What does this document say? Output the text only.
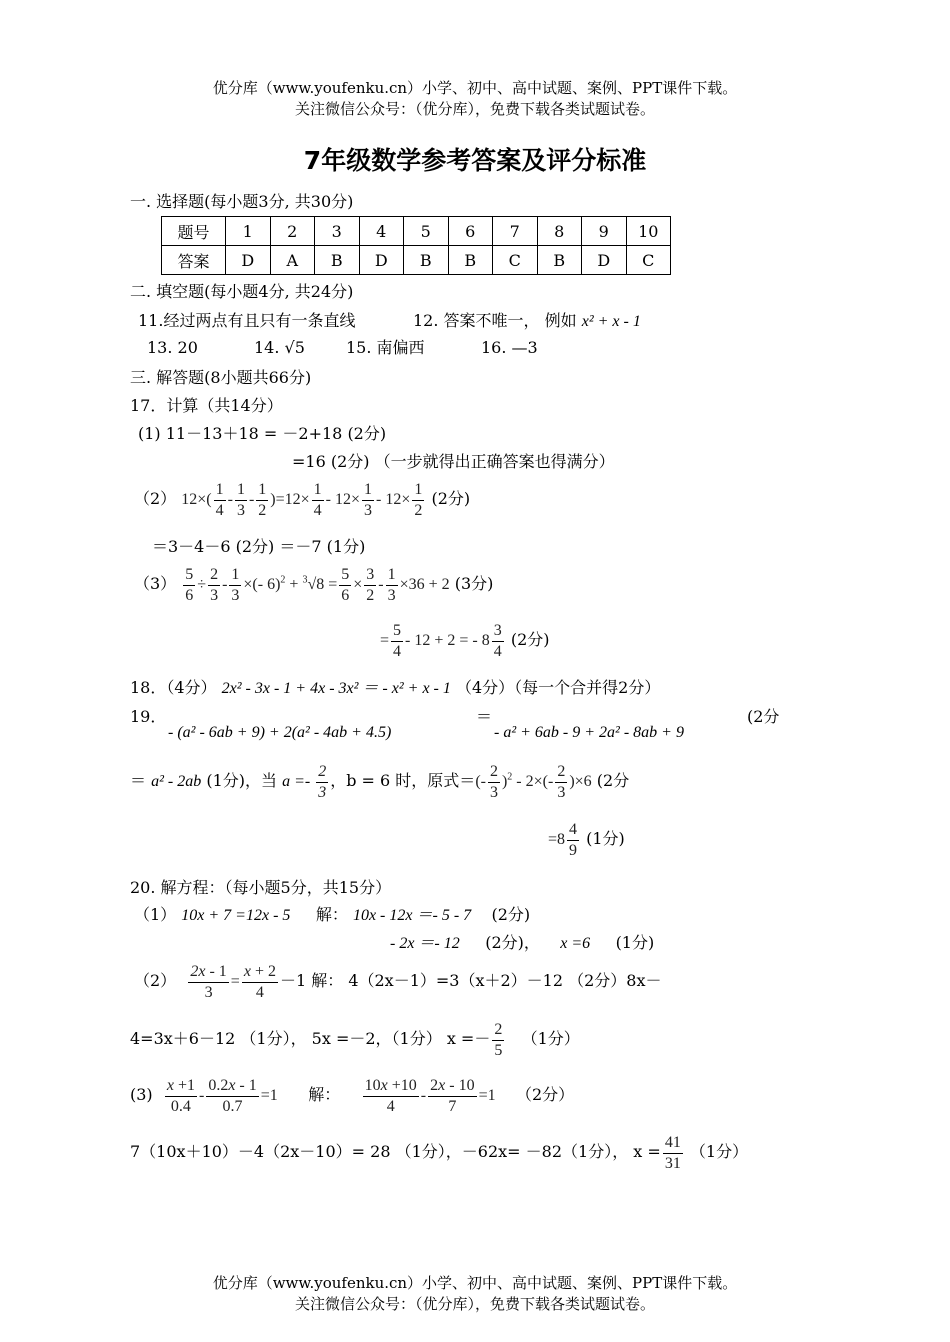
优分库（www.youfenku.cn）小学、初中、高中试题、案例、PPT课件下载。
关注微信公众号：（优分库），免费下载各类试题试卷。
7年级数学参考答案及评分标准
一. 选择题(每小题3分, 共30分)
题号	1	2	3	4	5	6	7	8	9	10
答案	D	A	B	D	B	B	C	B	D	C
二. 填空题(每小题4分, 共24分)
11.经过两点有且只有一条直线	12. 答案不唯一， 例如 x² + x - 1
13. 20	14. √5	15. 南偏西	16. —3
三. 解答题(8小题共66分)
17．计算（共14分）
(1) 11－13＋18 = －2+18 (2分)
=16 (2分) （一步就得出正确答案也得满分）
（2） $12\times( \frac{1}{4} - \frac{1}{3} - \frac{1}{2} )=12\times \frac{1}{4} - 12\times \frac{1}{3} - 12\times \frac{1}{2} (2$分)
＝3－4－6 (2分) ＝－7 (1分)
$(3) \frac{5}{6} \div \frac{2}{3} - \frac{1}{3}$ ×(- $6)^2 + ^3√8 = \frac{5}{6} \times \frac{3}{2} - \frac{1}{3} \times 36 + 2$ (3分)
= $\frac{5}{4} - 12 + 2$ = - $8 \frac{3}{4} (2$分)
18．（4分） 2x² - 3x - 1 + 4x - 3x² ＝ - x² + x - 1 （4分）（每一个合并得2分）
19．
- (a² - 6ab + 9) + 2(a² - 4ab + 4.5)
＝
- a² + 6ab - 9 + 2a² - 8ab + 9
(2分
＝ a² - 2ab (1分)，当 $a =- \frac{2}{3}$ ，b = 6 时，原式＝(- $\frac{2}{3} )^2 - 2\times(- \frac{2}{3} )\times 6$ (2分
$=8 \frac{4}{9} (1$分)
20. 解方程：（每小题5分，共15分）
（1） 10x + 7 =12x - 5 解： 10x - 12x ＝- 5 - 7 (2分)
- 2x ＝- 12 (2分)， x =6 (1分)
$(2) \frac{2x - 1}{3} = \frac{x + 2}{4} -1$ 解： 4（2x－1）=3（x＋2）－12 （2分）8x－
4=3x＋6－12 （1分）， 5x =－2，（1分） $x =- \frac{2}{5} (1$分）
$(3) \frac{x +1}{0.4} - \frac{0.2x - 1}{0.7} =1$ 解： $\frac{10x +10}{4} - \frac{2x - 10}{7} =1$ （2分）
7（10x＋10）－4（2x－10）= 28 （1分），－62x= －82（1分）， $x = \frac{41}{31} (1$分）
优分库（www.youfenku.cn）小学、初中、高中试题、案例、PPT课件下载。
关注微信公众号：（优分库），免费下载各类试题试卷。
